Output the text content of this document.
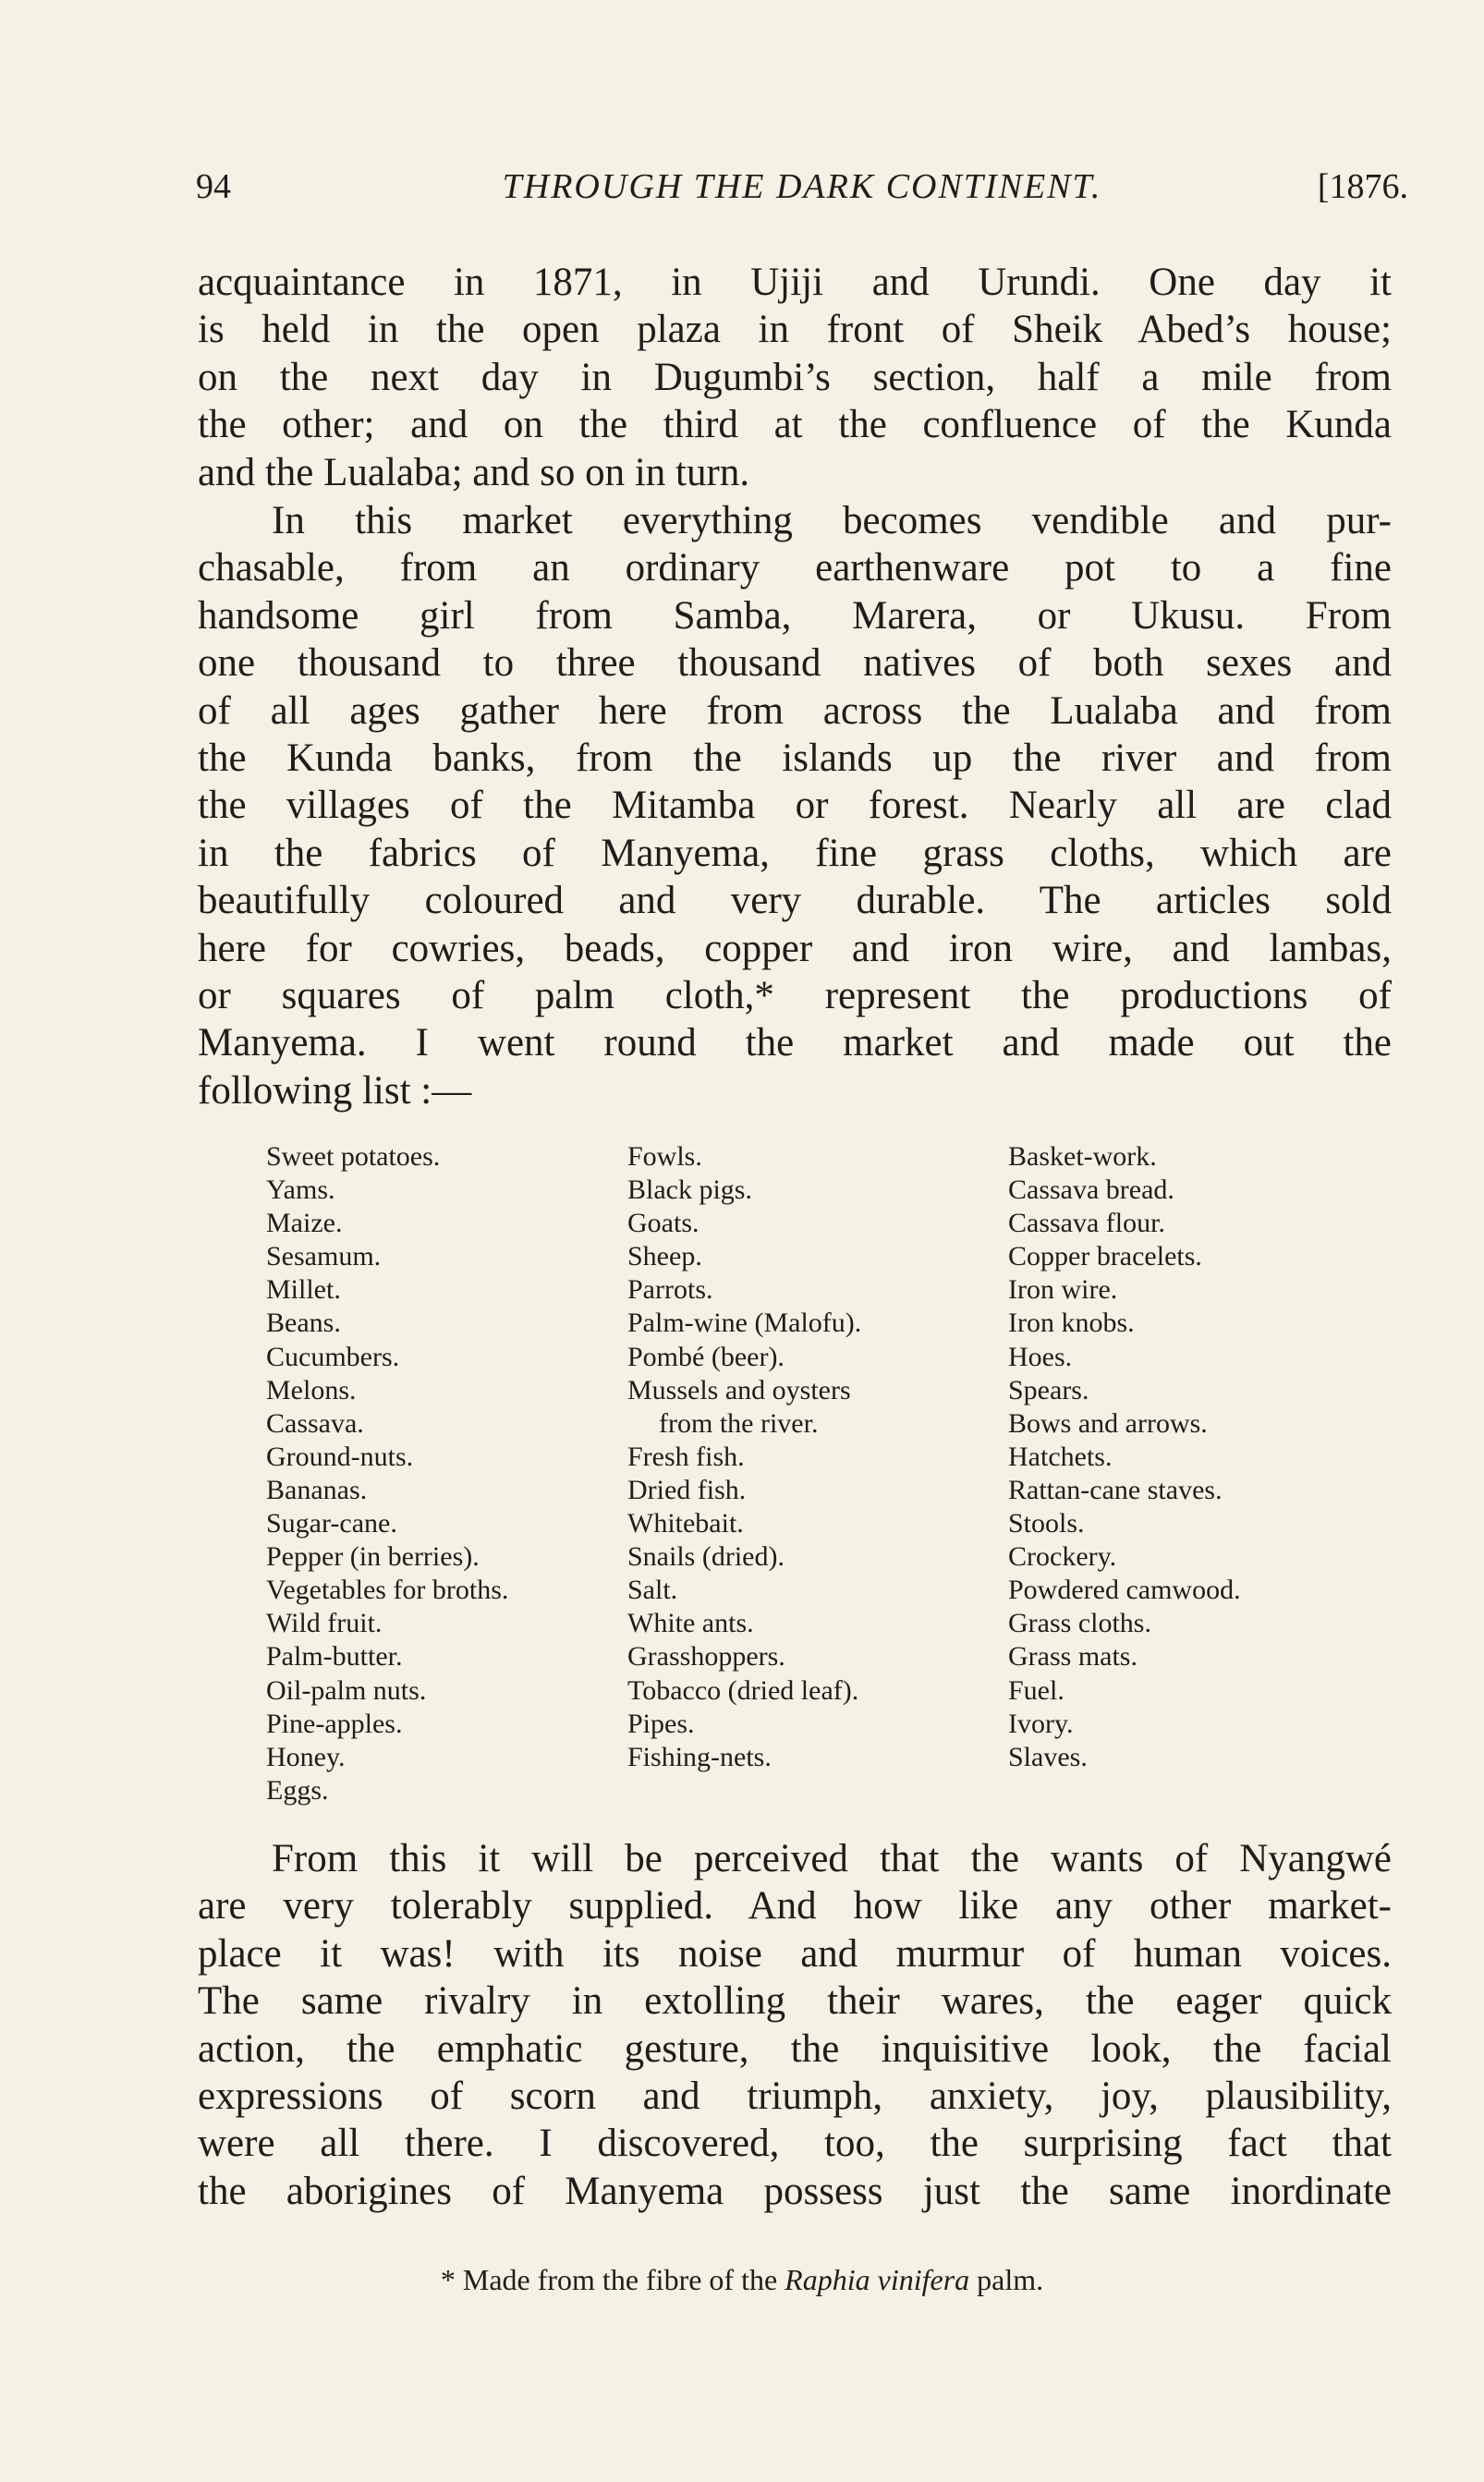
94	THROUGH THE DARK CONTINENT.	[1876.
acquaintance in 1871, in Ujiji and Urundi. One day it
is held in the open plaza in front of Sheik Abed’s house;
on the next day in Dugumbi’s section, half a mile from
the other; and on the third at the confluence of the Kunda
and the Lualaba; and so on in turn.
In this market everything becomes vendible and pur-
chasable, from an ordinary earthenware pot to a fine
handsome girl from Samba, Marera, or Ukusu. From
one thousand to three thousand natives of both sexes and
of all ages gather here from across the Lualaba and from
the Kunda banks, from the islands up the river and from
the villages of the Mitamba or forest. Nearly all are clad
in the fabrics of Manyema, fine grass cloths, which are
beautifully coloured and very durable. The articles sold
here for cowries, beads, copper and iron wire, and lambas,
or squares of palm cloth,* represent the productions of
Manyema. I went round the market and made out the
following list :—
Sweet potatoes.
Yams.
Maize.
Sesamum.
Millet.
Beans.
Cucumbers.
Melons.
Cassava.
Ground-nuts.
Bananas.
Sugar-cane.
Pepper (in berries).
Vegetables for broths.
Wild fruit.
Palm-butter.
Oil-palm nuts.
Pine-apples.
Honey.
Eggs.
Fowls.
Black pigs.
Goats.
Sheep.
Parrots.
Palm-wine (Malofu).
Pombé (beer).
Mussels and oysters
from the river.
Fresh fish.
Dried fish.
Whitebait.
Snails (dried).
Salt.
White ants.
Grasshoppers.
Tobacco (dried leaf).
Pipes.
Fishing-nets.
Basket-work.
Cassava bread.
Cassava flour.
Copper bracelets.
Iron wire.
Iron knobs.
Hoes.
Spears.
Bows and arrows.
Hatchets.
Rattan-cane staves.
Stools.
Crockery.
Powdered camwood.
Grass cloths.
Grass mats.
Fuel.
Ivory.
Slaves.
From this it will be perceived that the wants of Nyangwé
are very tolerably supplied. And how like any other market-
place it was! with its noise and murmur of human voices.
The same rivalry in extolling their wares, the eager quick
action, the emphatic gesture, the inquisitive look, the facial
expressions of scorn and triumph, anxiety, joy, plausibility,
were all there. I discovered, too, the surprising fact that
the aborigines of Manyema possess just the same inordinate
* Made from the fibre of the Raphia vinifera palm.
